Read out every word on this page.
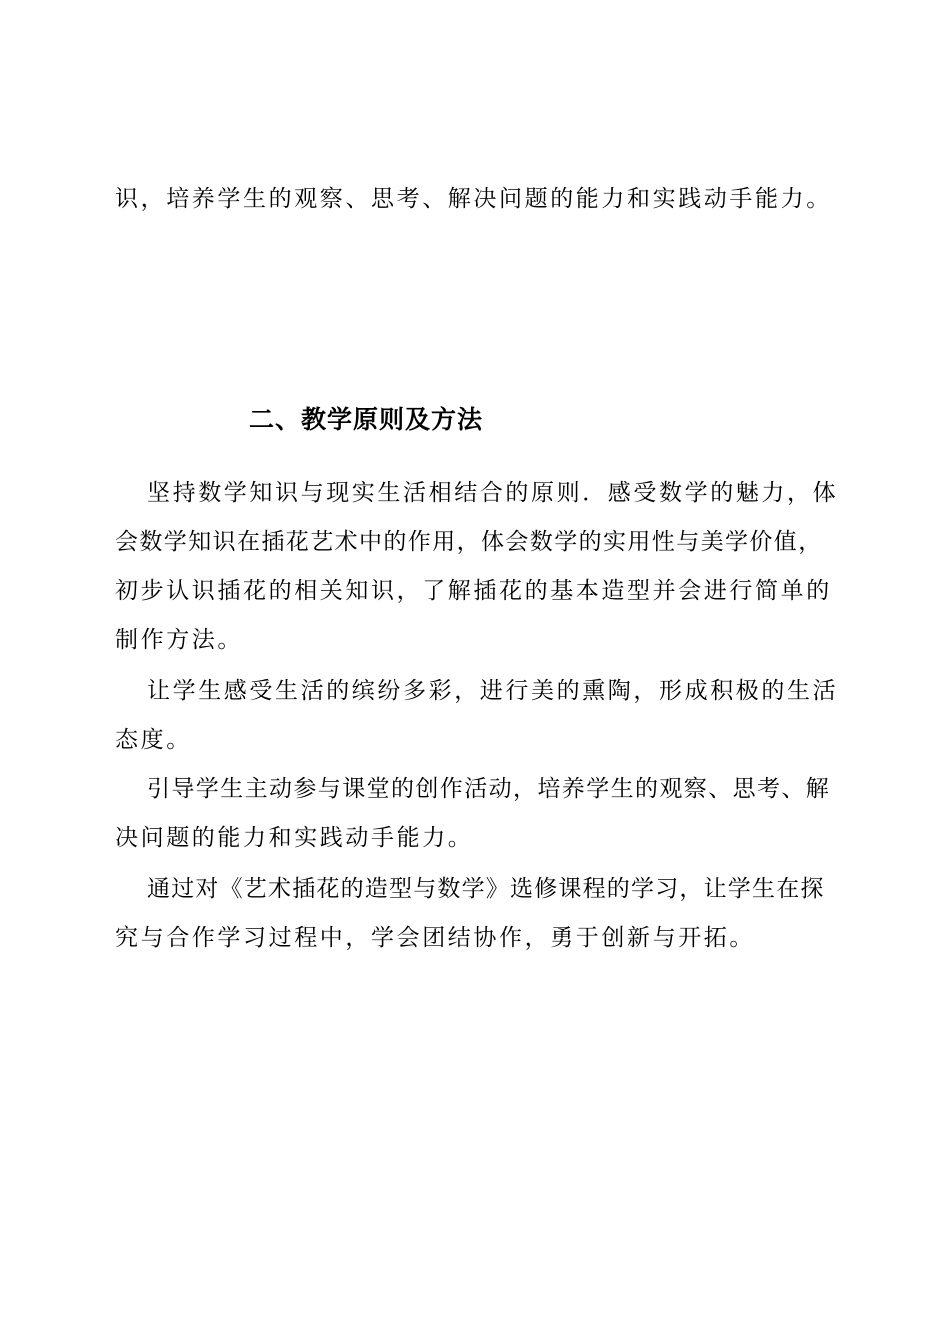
识，培养学生的观察、思考、解决问题的能力和实践动手能力。
二、教学原则及方法
坚持数学知识与现实生活相结合的原则．感受数学的魅力，体
会数学知识在插花艺术中的作用，体会数学的实用性与美学价值，
初步认识插花的相关知识，了解插花的基本造型并会进行简单的
制作方法。
让学生感受生活的缤纷多彩，进行美的熏陶，形成积极的生活
态度。
引导学生主动参与课堂的创作活动，培养学生的观察、思考、解
决问题的能力和实践动手能力。
通过对《艺术插花的造型与数学》选修课程的学习，让学生在探
究与合作学习过程中，学会团结协作，勇于创新与开拓。
